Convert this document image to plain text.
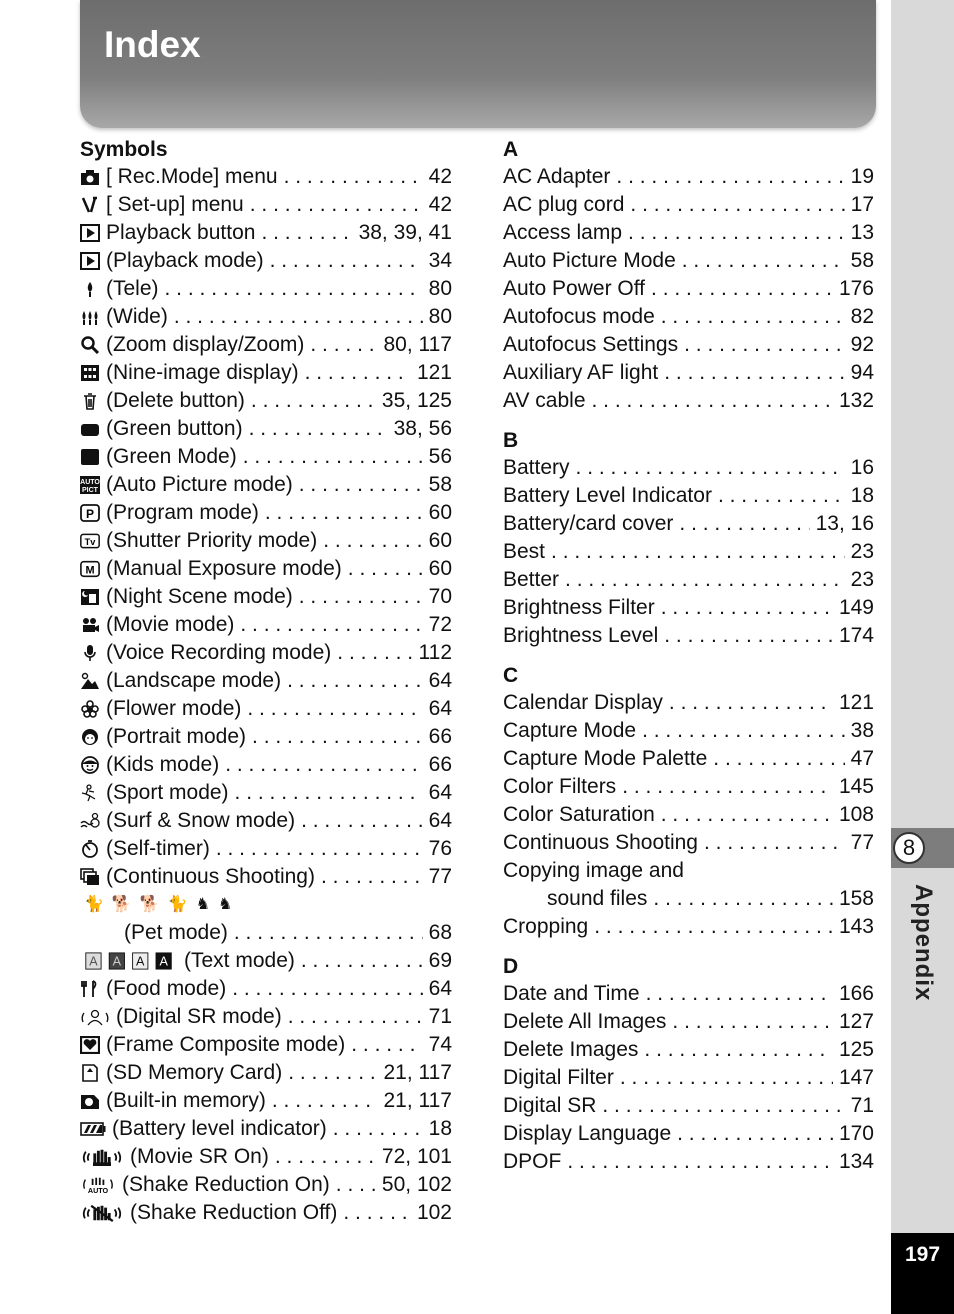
Index
8
Appendix
197
Symbols
[ Rec.Mode] menu . . .	42
[ Set-up] menu . . .	42
Playback button . . .	38, 39, 41
(Playback mode) . . .	34
(Tele) . . .	80
(Wide) . . .	80
(Zoom display/Zoom) . . .	80, 117
(Nine-image display) . . .	121
(Delete button) . . .	35, 125
(Green button) . . .	38, 56
(Green Mode) . . .	56
AUTO
PICT (Auto Picture mode) . . .	58
P (Program mode) . . .	60
Tv (Shutter Priority mode) . . .	60
M (Manual Exposure mode) . . .	60
(Night Scene mode) . . .	70
(Movie mode) . . .	72
(Voice Recording mode) . . .	112
(Landscape mode) . . .	64
(Flower mode) . . .	64
(Portrait mode) . . .	66
(Kids mode) . . .	66
(Sport mode) . . .	64
(Surf & Snow mode) . . .	64
(Self-timer) . . .	76
(Continuous Shooting) . . .	77
🐈🐕🐕🐈♞♞
(Pet mode) . . .	68
A A A A (Text mode) . . .	69
(Food mode) . . .	64
(Digital SR mode) . . .	71
(Frame Composite mode) . . .	74
(SD Memory Card) . . .	21, 117
(Built-in memory) . . .	21, 117
(Battery level indicator) . . .	18
(Movie SR On) . . .	72, 101
AUTO (Shake Reduction On) . . . 50, 102
(Shake Reduction Off) . . .	102
A
AC Adapter . . .	19
AC plug cord . . .	17
Access lamp . . .	13
Auto Picture Mode . . .	58
Auto Power Off . . .	176
Autofocus mode . . .	82
Autofocus Settings . . .	92
Auxiliary AF light . . .	94
AV cable . . .	132
B
Battery . . .	16
Battery Level Indicator . . .	18
Battery/card cover . . .	13, 16
Best . . .	23
Better . . .	23
Brightness Filter . . .	149
Brightness Level . . .	174
C
Calendar Display . . .	121
Capture Mode . . .	38
Capture Mode Palette . . .	47
Color Filters . . .	145
Color Saturation . . .	108
Continuous Shooting . . .	77
Copying image and
sound files . . .	158
Cropping . . .	143
D
Date and Time . . .	166
Delete All Images . . .	127
Delete Images . . .	125
Digital Filter . . .	147
Digital SR . . .	71
Display Language . . .	170
DPOF . . .	134
